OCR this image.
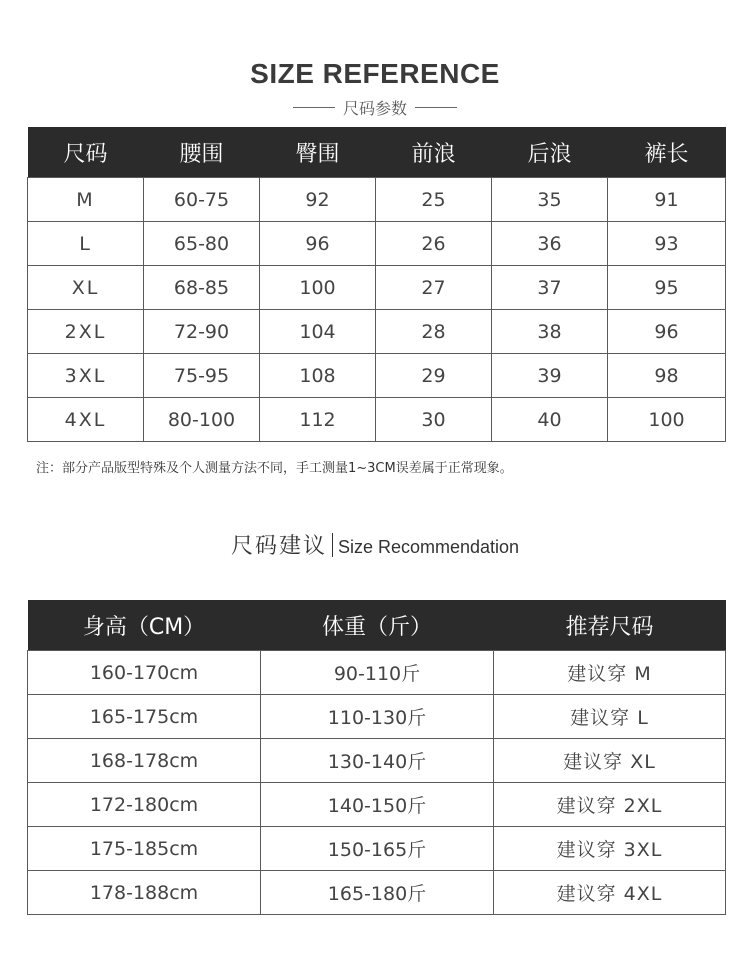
SIZE REFERENCE
尺码参数
尺码	腰围	臀围	前浪	后浪	裤长
M	60-75	92	25	35	91
L	65-80	96	26	36	93
XL	68-85	100	27	37	95
2XL	72-90	104	28	38	96
3XL	75-95	108	29	39	98
4XL	80-100	112	30	40	100
注：部分产品版型特殊及个人测量方法不同，手工测量1~3CM误差属于正常现象。
尺码建议 Size Recommendation
身高（CM）	体重（斤）	推荐尺码
160-170cm	90-110斤	建议穿 M
165-175cm	110-130斤	建议穿 L
168-178cm	130-140斤	建议穿 XL
172-180cm	140-150斤	建议穿 2XL
175-185cm	150-165斤	建议穿 3XL
178-188cm	165-180斤	建议穿 4XL
